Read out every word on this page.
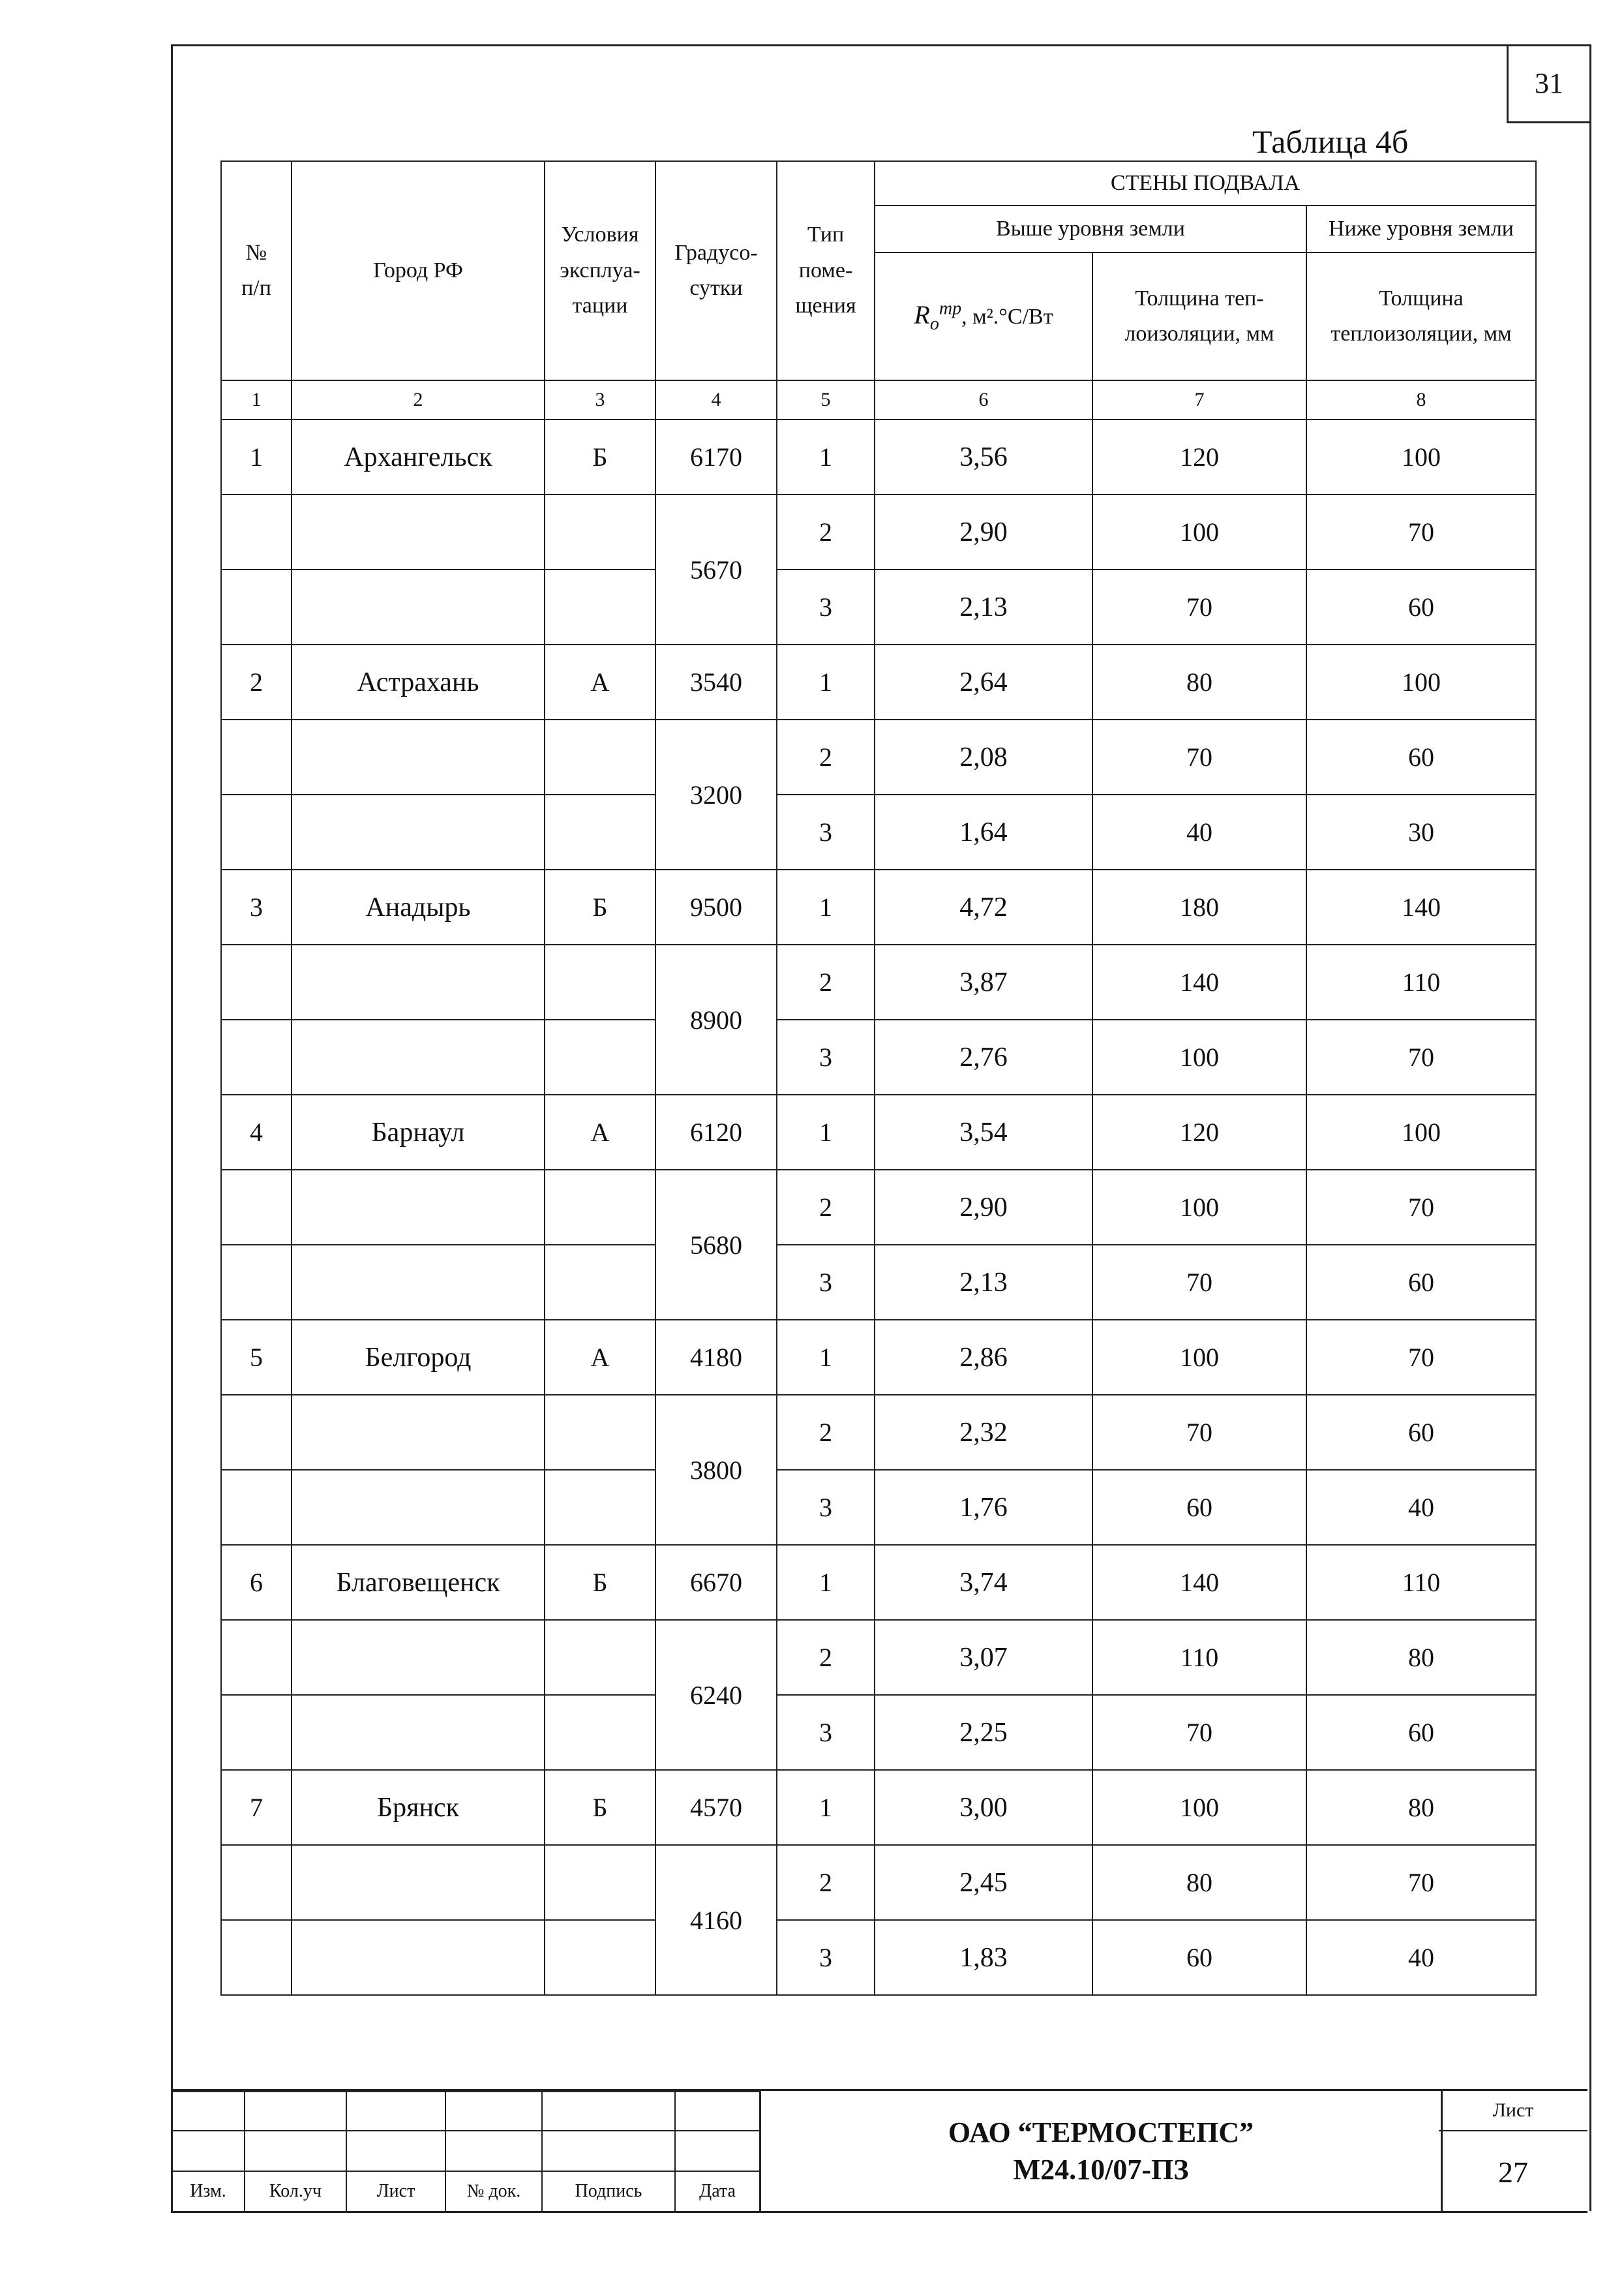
31
Таблица 4б
№
п/п	Город РФ	Условия
эксплуа-
тации	Градусо-
сутки	Тип
поме-
щения	СТЕНЫ ПОДВАЛА		
					Выше уровня земли		Ниже уровня земли
					$R_о^{тр}$, м².°С/Вт	Толщина теп-
лоизоляции, мм	Толщина
теплоизоляции, мм
1	2	3	4	5	6	7	8
1	Архангельск	Б	6170	1	3,56	120	100
			5670	2	2,90	100	70
				3	2,13	70	60
2	Астрахань	А	3540	1	2,64	80	100
			3200	2	2,08	70	60
				3	1,64	40	30
3	Анадырь	Б	9500	1	4,72	180	140
			8900	2	3,87	140	110
				3	2,76	100	70
4	Барнаул	А	6120	1	3,54	120	100
			5680	2	2,90	100	70
				3	2,13	70	60
5	Белгород	А	4180	1	2,86	100	70
			3800	2	2,32	70	60
				3	1,76	60	40
6	Благовещенск	Б	6670	1	3,74	140	110
			6240	2	3,07	110	80
				3	2,25	70	60
7	Брянск	Б	4570	1	3,00	100	80
			4160	2	2,45	80	70
				3	1,83	60	40

Изм.	Кол.уч	Лист	№ док.	Подпись	Дата
ОАО “ТЕРМОСТЕПС”
М24.10/07-ПЗ
Лист
27
